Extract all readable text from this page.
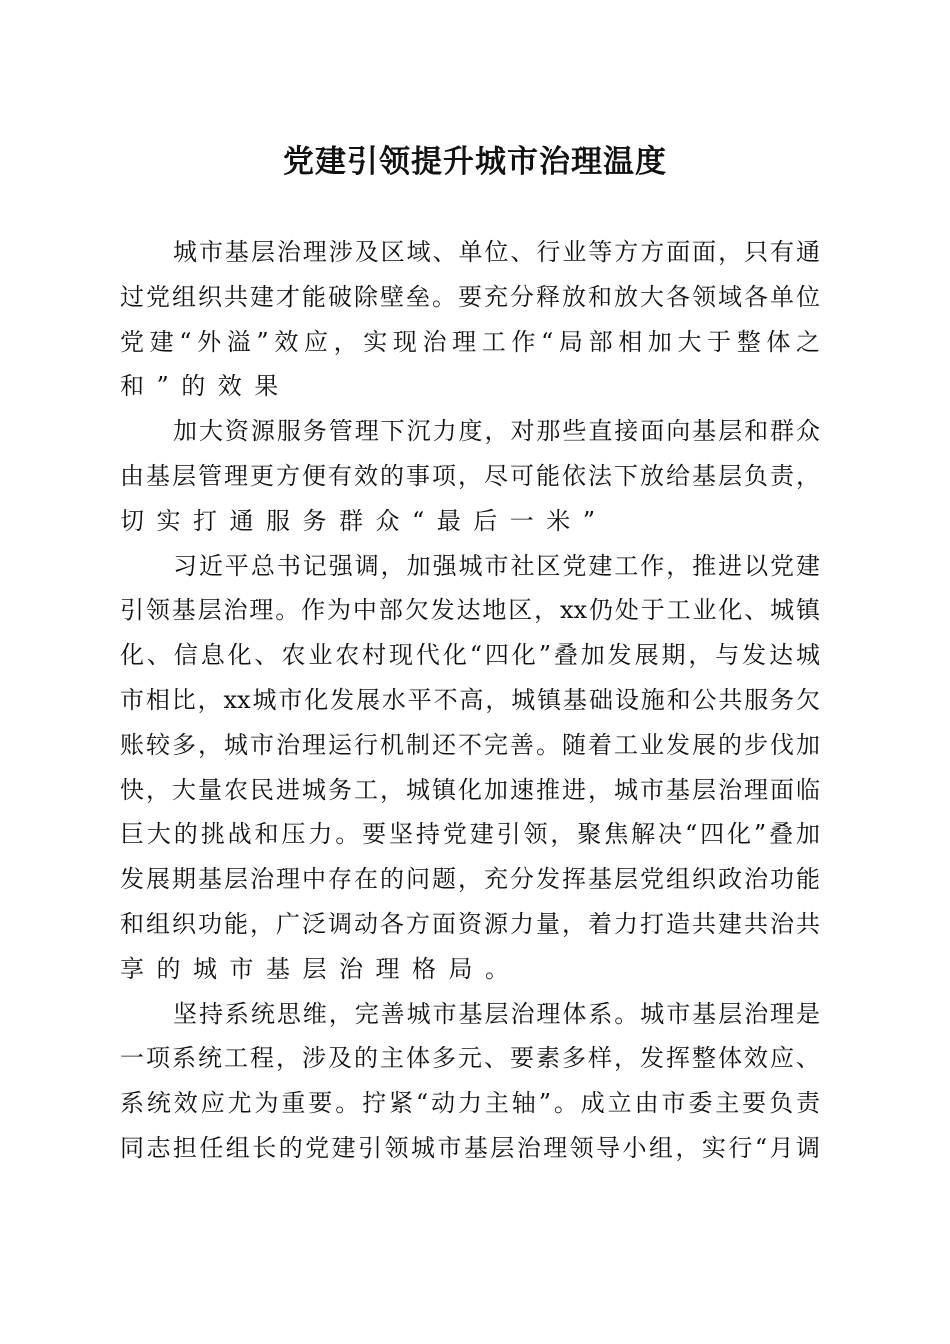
党建引领提升城市治理温度
城市基层治理涉及区域、单位、行业等方方面面，只有通
过党组织共建才能破除壁垒。要充分释放和放大各领域各单位
党建“外溢”效应，实现治理工作“局部相加大于整体之
和”的效果
加大资源服务管理下沉力度，对那些直接面向基层和群众
由基层管理更方便有效的事项，尽可能依法下放给基层负责，
切实打通服务群众“最后一米”
习近平总书记强调，加强城市社区党建工作，推进以党建
引领基层治理。作为中部欠发达地区，xx仍处于工业化、城镇
化、信息化、农业农村现代化“四化”叠加发展期，与发达城
市相比，xx城市化发展水平不高，城镇基础设施和公共服务欠
账较多，城市治理运行机制还不完善。随着工业发展的步伐加
快，大量农民进城务工，城镇化加速推进，城市基层治理面临
巨大的挑战和压力。要坚持党建引领，聚焦解决“四化”叠加
发展期基层治理中存在的问题，充分发挥基层党组织政治功能
和组织功能，广泛调动各方面资源力量，着力打造共建共治共
享的城市基层治理格局。
坚持系统思维，完善城市基层治理体系。城市基层治理是
一项系统工程，涉及的主体多元、要素多样，发挥整体效应、
系统效应尤为重要。拧紧“动力主轴”。成立由市委主要负责
同志担任组长的党建引领城市基层治理领导小组，实行“月调
